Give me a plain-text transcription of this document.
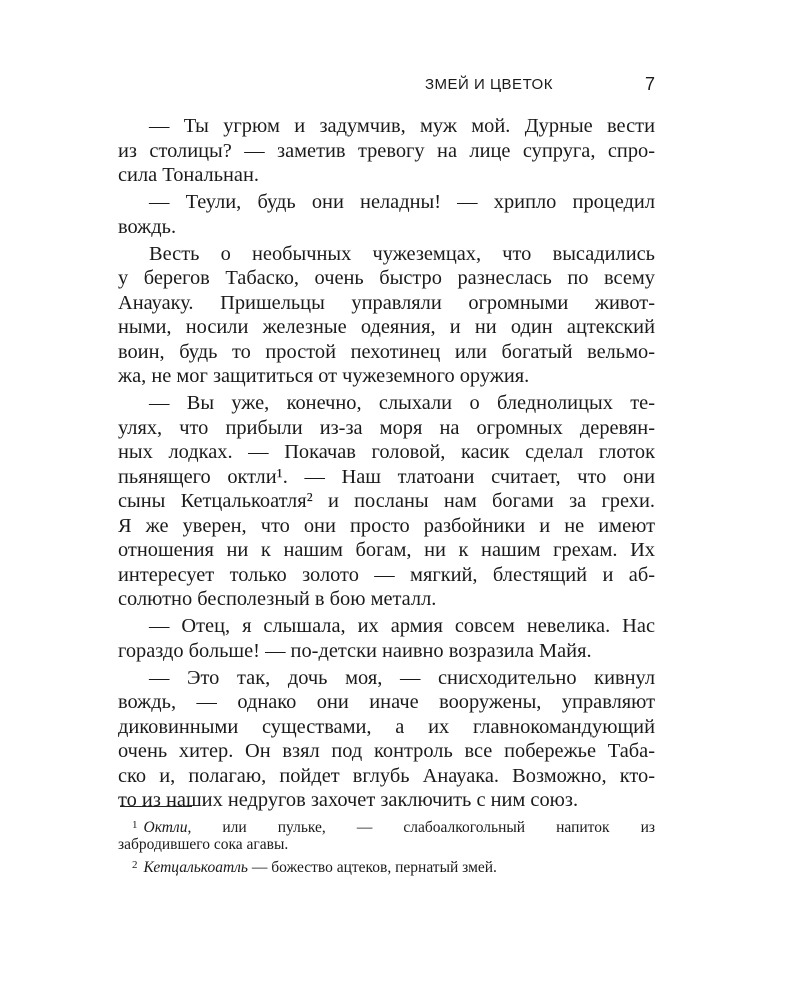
ЗМЕЙ И ЦВЕТОК	7
— Ты угрюм и задумчив, муж мой. Дурные вести
из столицы? — заметив тревогу на лице супруга, спро-
сила Тональнан.
— Теули, будь они неладны! — хрипло процедил
вождь.
Весть о необычных чужеземцах, что высадились
у берегов Табаско, очень быстро разнеслась по всему
Анауаку. Пришельцы управляли огромными живот-
ными, носили железные одеяния, и ни один ацтекский
воин, будь то простой пехотинец или богатый вельмо-
жа, не мог защититься от чужеземного оружия.
— Вы уже, конечно, слыхали о бледнолицых те-
улях, что прибыли из-за моря на огромных деревян-
ных лодках. — Покачав головой, касик сделал глоток
пьянящего октли¹. — Наш тлатоани считает, что они
сыны Кетцалькоатля² и посланы нам богами за грехи.
Я же уверен, что они просто разбойники и не имеют
отношения ни к нашим богам, ни к нашим грехам. Их
интересует только золото — мягкий, блестящий и аб-
солютно бесполезный в бою металл.
— Отец, я слышала, их армия совсем невелика. Нас
гораздо больше! — по-детски наивно возразила Майя.
— Это так, дочь моя, — снисходительно кивнул
вождь, — однако они иначе вооружены, управляют
диковинными существами, а их главнокомандующий
очень хитер. Он взял под контроль все побережье Таба-
ско и, полагаю, пойдет вглубь Анауака. Возможно, кто-
то из наших недругов захочет заключить с ним союз.
$^1$ Октли, или пульке, — слабоалкогольный напиток из
забродившего сока агавы.
$^2$ Кетцалькоатль — божество ацтеков, пернатый змей.
